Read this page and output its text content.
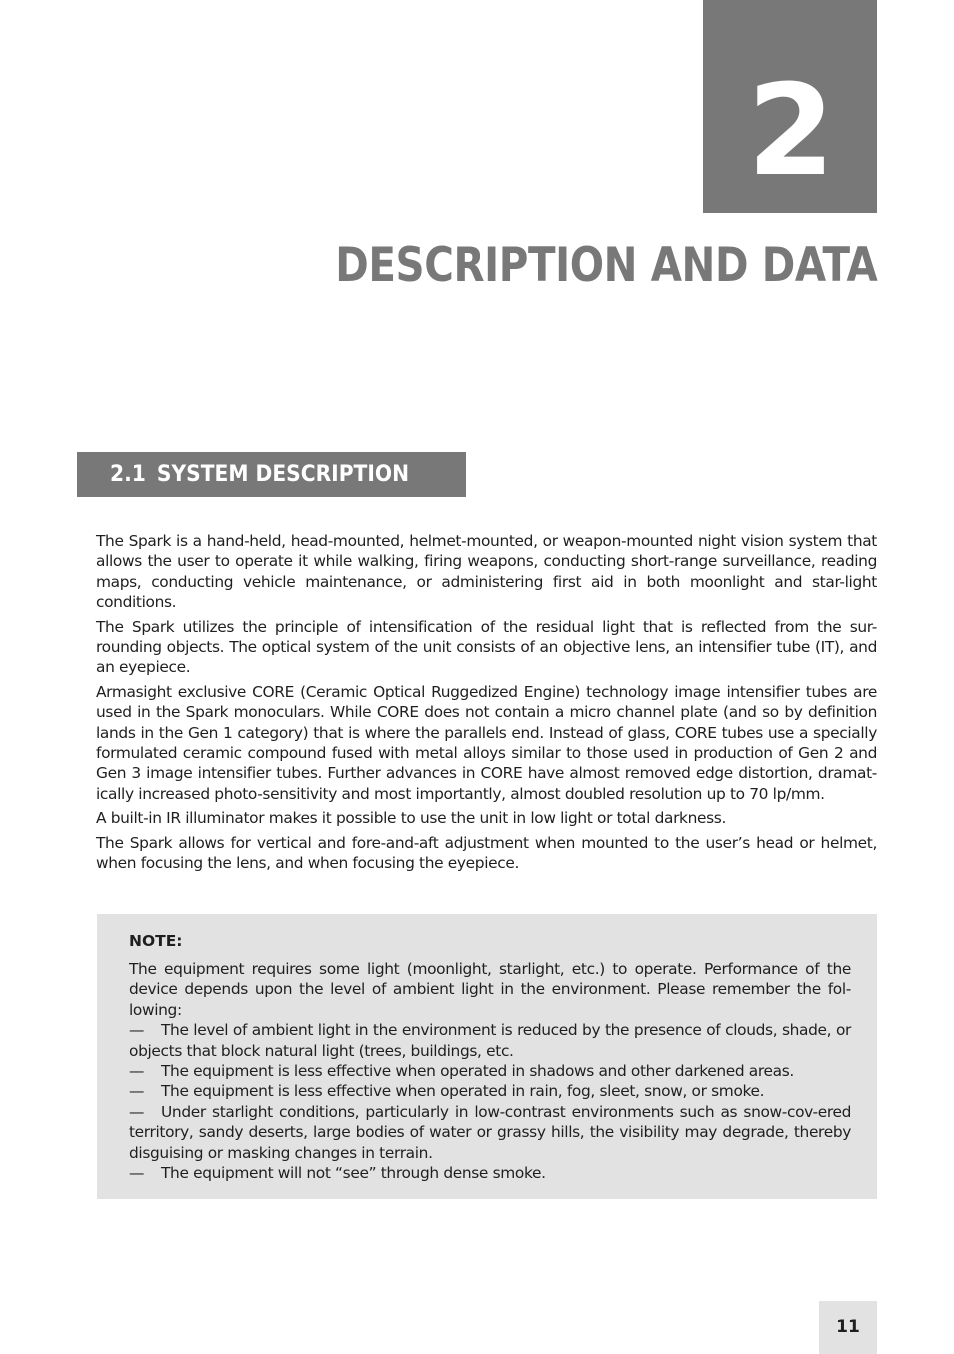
2
DESCRIPTION AND DATA
2.1 SYSTEM DESCRIPTION

The Spark is a hand-held, head-mounted, helmet-mounted, or weapon-mounted night vision system that allows the user to operate it while walking, firing weapons, conducting short-range surveillance, reading maps, conducting vehicle maintenance, or administering first aid in both moonlight and star-light conditions.

The Spark utilizes the principle of intensification of the residual light that is reflected from the sur-rounding objects. The optical system of the unit consists of an objective lens, an intensifier tube (IT), and an eyepiece.

Armasight exclusive CORE (Ceramic Optical Ruggedized Engine) technology image intensifier tubes are used in the Spark monoculars. While CORE does not contain a micro channel plate (and so by definition lands in the Gen 1 category) that is where the parallels end. Instead of glass, CORE tubes use a specially formulated ceramic compound fused with metal alloys similar to those used in production of Gen 2 and Gen 3 image intensifier tubes. Further advances in CORE have almost removed edge distortion, dramat-ically increased photo-sensitivity and most importantly, almost doubled resolution up to 70 lp/mm.

A built-in IR illuminator makes it possible to use the unit in low light or total darkness.

The Spark allows for vertical and fore-and-aft adjustment when mounted to the user’s head or helmet, when focusing the lens, and when focusing the eyepiece.

NOTE:

The equipment requires some light (moonlight, starlight, etc.) to operate. Performance of the device depends upon the level of ambient light in the environment. Please remember the fol-lowing:

— The level of ambient light in the environment is reduced by the presence of clouds, shade, or objects that block natural light (trees, buildings, etc.

— The equipment is less effective when operated in shadows and other darkened areas.

— The equipment is less effective when operated in rain, fog, sleet, snow, or smoke.

— Under starlight conditions, particularly in low-contrast environments such as snow-cov-ered territory, sandy deserts, large bodies of water or grassy hills, the visibility may degrade, thereby disguising or masking changes in terrain.

— The equipment will not “see” through dense smoke.

11
